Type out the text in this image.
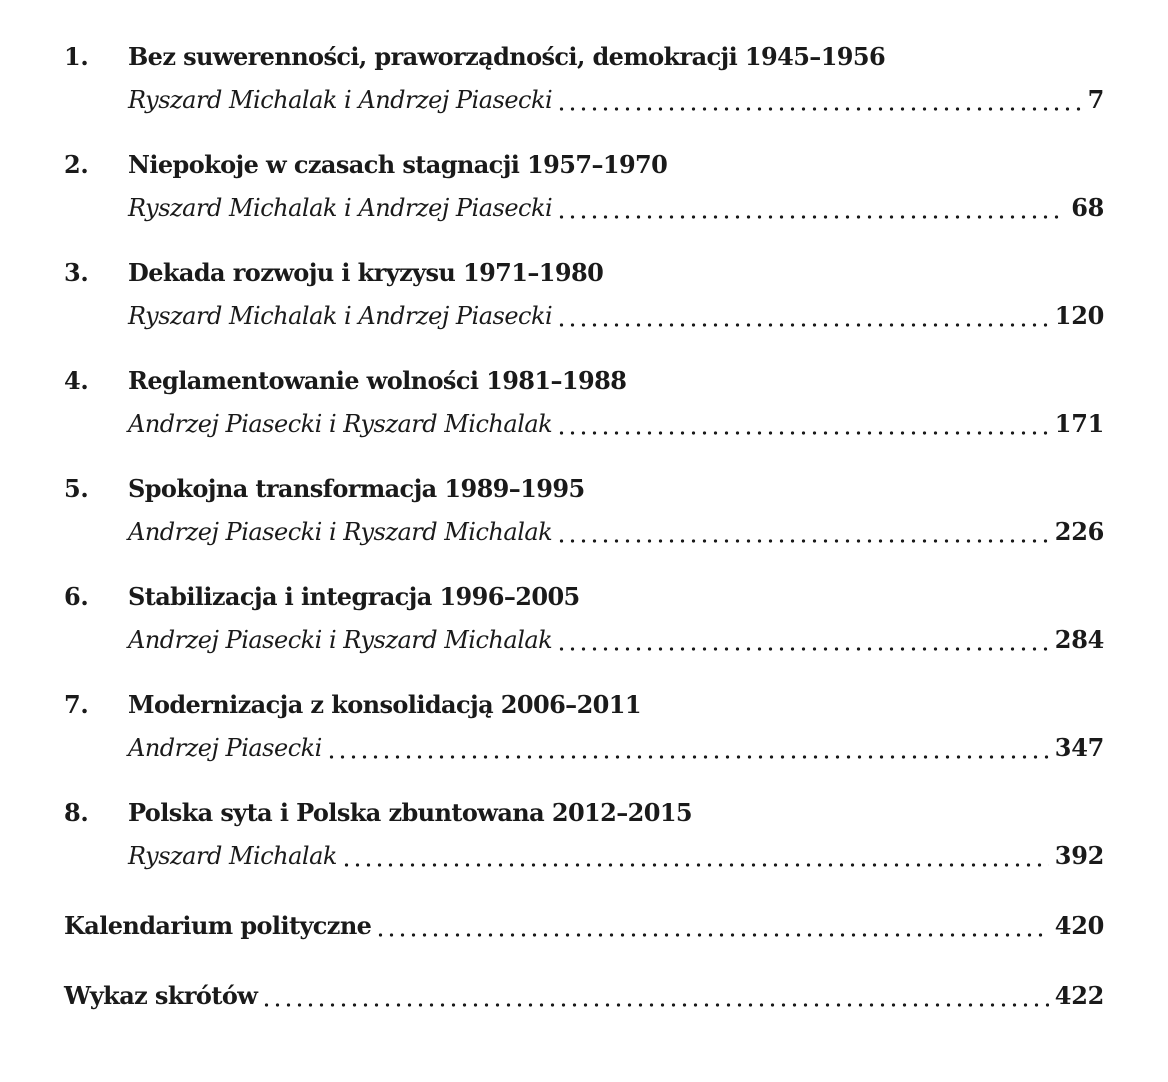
1. Bez suwerenności, praworządności, demokracji 1945–1956
Ryszard Michalak i Andrzej Piasecki	7
2. Niepokoje w czasach stagnacji 1957–1970
Ryszard Michalak i Andrzej Piasecki	68
3. Dekada rozwoju i kryzysu 1971–1980
Ryszard Michalak i Andrzej Piasecki	120
4. Reglamentowanie wolności 1981–1988
Andrzej Piasecki i Ryszard Michalak	171
5. Spokojna transformacja 1989–1995
Andrzej Piasecki i Ryszard Michalak	226
6. Stabilizacja i integracja 1996–2005
Andrzej Piasecki i Ryszard Michalak	284
7. Modernizacja z konsolidacją 2006–2011
Andrzej Piasecki	347
8. Polska syta i Polska zbuntowana 2012–2015
Ryszard Michalak	392
Kalendarium polityczne	420
Wykaz skrótów	422
